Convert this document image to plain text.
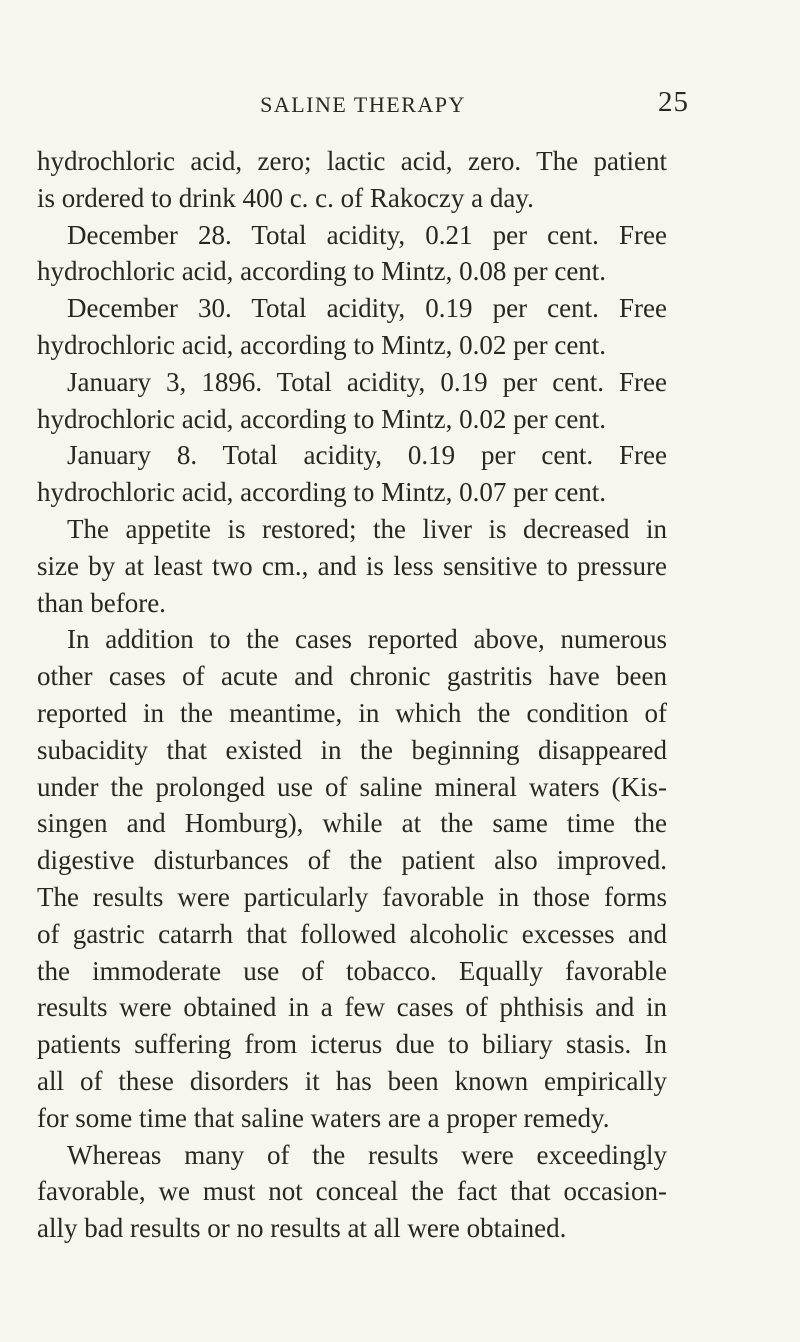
SALINE THERAPY	25
hydrochloric acid, zero; lactic acid, zero. The patient
is ordered to drink 400 c. c. of Rakoczy a day.
December 28. Total acidity, 0.21 per cent. Free
hydrochloric acid, according to Mintz, 0.08 per cent.
December 30. Total acidity, 0.19 per cent. Free
hydrochloric acid, according to Mintz, 0.02 per cent.
January 3, 1896. Total acidity, 0.19 per cent. Free
hydrochloric acid, according to Mintz, 0.02 per cent.
January 8. Total acidity, 0.19 per cent. Free
hydrochloric acid, according to Mintz, 0.07 per cent.
The appetite is restored; the liver is decreased in
size by at least two cm., and is less sensitive to pressure
than before.
In addition to the cases reported above, numerous
other cases of acute and chronic gastritis have been
reported in the meantime, in which the condition of
subacidity that existed in the beginning disappeared
under the prolonged use of saline mineral waters (Kis-
singen and Homburg), while at the same time the
digestive disturbances of the patient also improved.
The results were particularly favorable in those forms
of gastric catarrh that followed alcoholic excesses and
the immoderate use of tobacco. Equally favorable
results were obtained in a few cases of phthisis and in
patients suffering from icterus due to biliary stasis. In
all of these disorders it has been known empirically
for some time that saline waters are a proper remedy.
Whereas many of the results were exceedingly
favorable, we must not conceal the fact that occasion-
ally bad results or no results at all were obtained.
